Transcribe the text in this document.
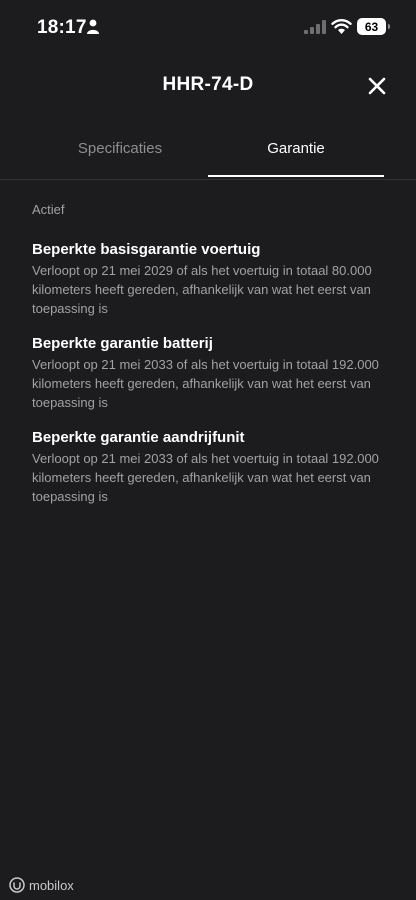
18:17	63
HHR-74-D
Specificaties	Garantie
Actief
Beperkte basisgarantie voertuig
Verloopt op 21 mei 2029 of als het voertuig in totaal 80.000 kilometers heeft gereden, afhankelijk van wat het eerst van toepassing is
Beperkte garantie batterij
Verloopt op 21 mei 2033 of als het voertuig in totaal 192.000 kilometers heeft gereden, afhankelijk van wat het eerst van toepassing is
Beperkte garantie aandrijfunit
Verloopt op 21 mei 2033 of als het voertuig in totaal 192.000 kilometers heeft gereden, afhankelijk van wat het eerst van toepassing is
mobilox
